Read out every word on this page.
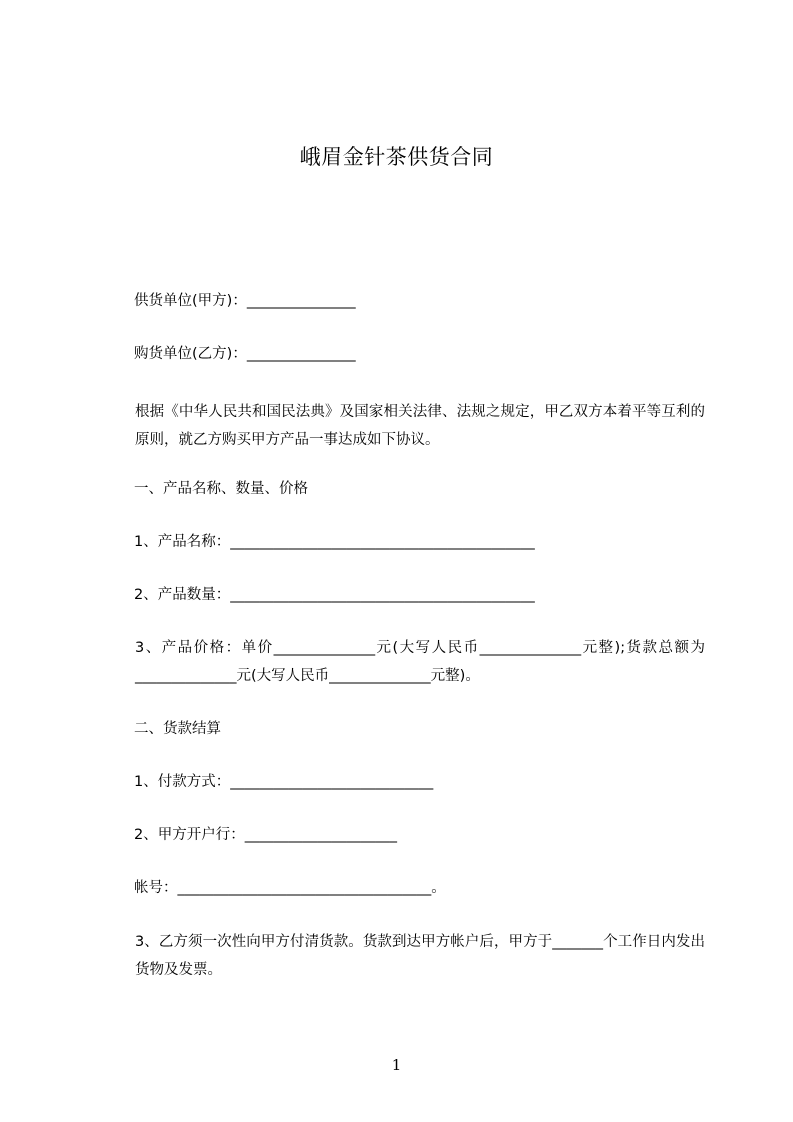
峨眉金针茶供货合同
供货单位(甲方)：_______________
购货单位(乙方)：_______________
根据《中华人民共和国民法典》及国家相关法律、法规之规定，甲乙双方本着平等互利的原则，就乙方购买甲方产品一事达成如下协议。
一、产品名称、数量、价格
1、产品名称：__________________________________________
2、产品数量：__________________________________________
3、产品价格：单价______________元(大写人民币______________元整);货款总额为______________元(大写人民币______________元整)。
二、货款结算
1、付款方式：____________________________
2、甲方开户行：_____________________
帐号：___________________________________。
3、乙方须一次性向甲方付清货款。货款到达甲方帐户后，甲方于_______个工作日内发出货物及发票。
1
